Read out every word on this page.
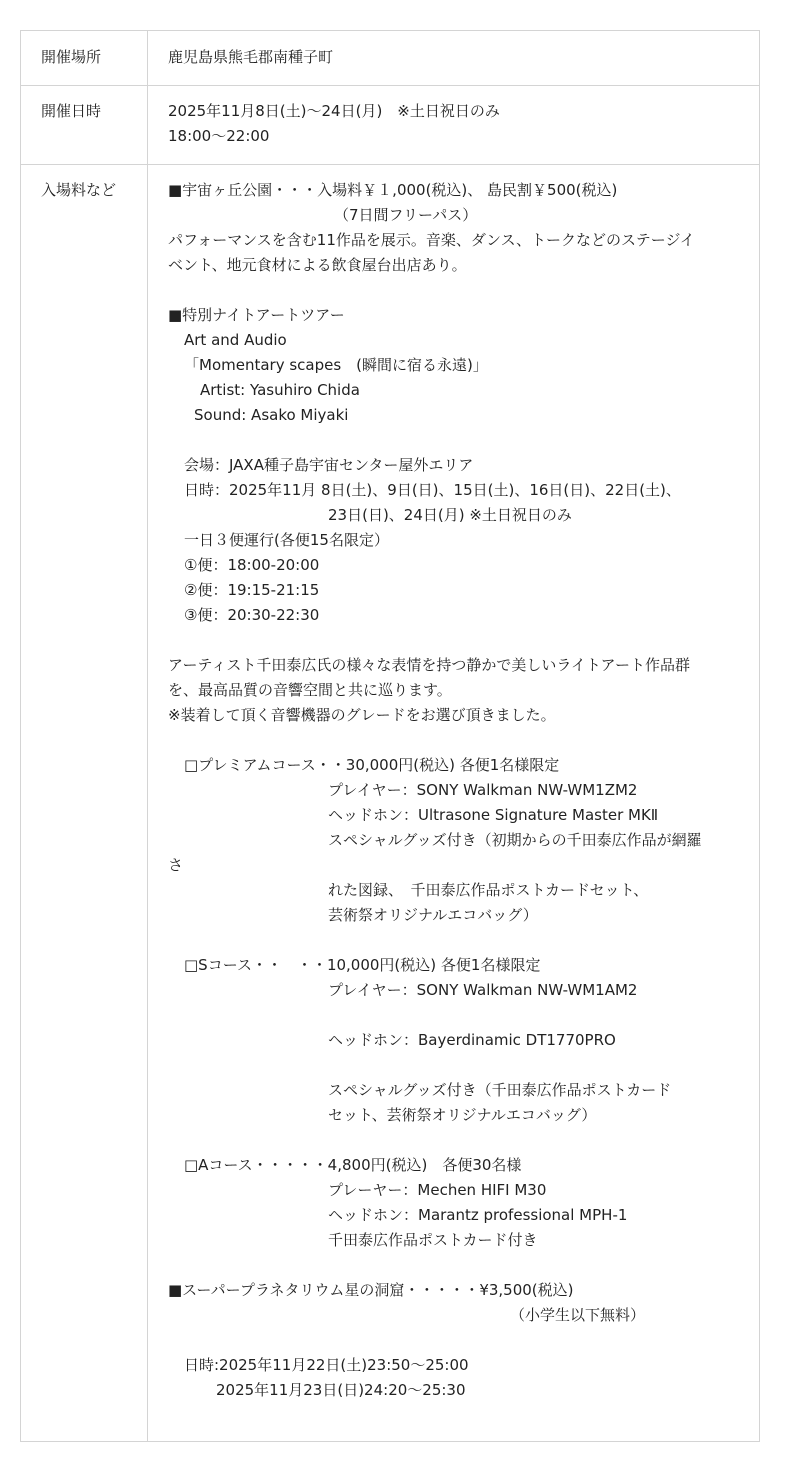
開催場所	鹿児島県熊毛郡南種子町
開催日時	2025年11月8日(土)〜24日(月)　※土日祝日のみ
18:00〜22:00
入場料など	■宇宙ヶ丘公園・・・入場料￥１,000(税込)、 島民割￥500(税込)
（7日間フリーパス）
パフォーマンスを含む11作品を展示。音楽、ダンス、トークなどのステージイ
ベント、地元食材による飲食屋台出店あり。
■特別ナイトアートツアー
Art and Audio
「Momentary scapes　(瞬間に宿る永遠)」
Artist: Yasuhiro Chida
Sound: Asako Miyaki
会場：JAXA種子島宇宙センター屋外エリア
日時：2025年11月 8日(土)、9日(日)、15日(土)、16日(日)、22日(土)、
23日(日)、24日(月) ※土日祝日のみ
一日３便運行(各便15名限定）
①便：18:00-20:00
②便：19:15-21:15
③便：20:30-22:30
アーティスト千田泰広氏の様々な表情を持つ静かで美しいライトアート作品群
を、最高品質の音響空間と共に巡ります。
※装着して頂く音響機器のグレードをお選び頂きました。
□プレミアムコース・・30,000円(税込) 各便1名様限定
プレイヤー：SONY Walkman NW-WM1ZM2
ヘッドホン：Ultrasone Signature Master MKⅡ
スペシャルグッズ付き（初期からの千田泰広作品が網羅
さ
れた図録、　千田泰広作品ポストカードセット、
芸術祭オリジナルエコバッグ）
□Sコース・・　・・10,000円(税込) 各便1名様限定
プレイヤー：SONY Walkman NW-WM1AM2
ヘッドホン：Bayerdinamic DT1770PRO
スペシャルグッズ付き（千田泰広作品ポストカード
セット、芸術祭オリジナルエコバッグ）
□Aコース・・・・・4,800円(税込)　各便30名様
プレーヤー：Mechen HIFI M30
ヘッドホン：Marantz professional MPH-1
千田泰広作品ポストカード付き
■スーパープラネタリウム星の洞窟・・・・・¥3,500(税込)
（小学生以下無料）
日時:2025年11月22日(土)23:50〜25:00
2025年11月23日(日)24:20〜25:30
